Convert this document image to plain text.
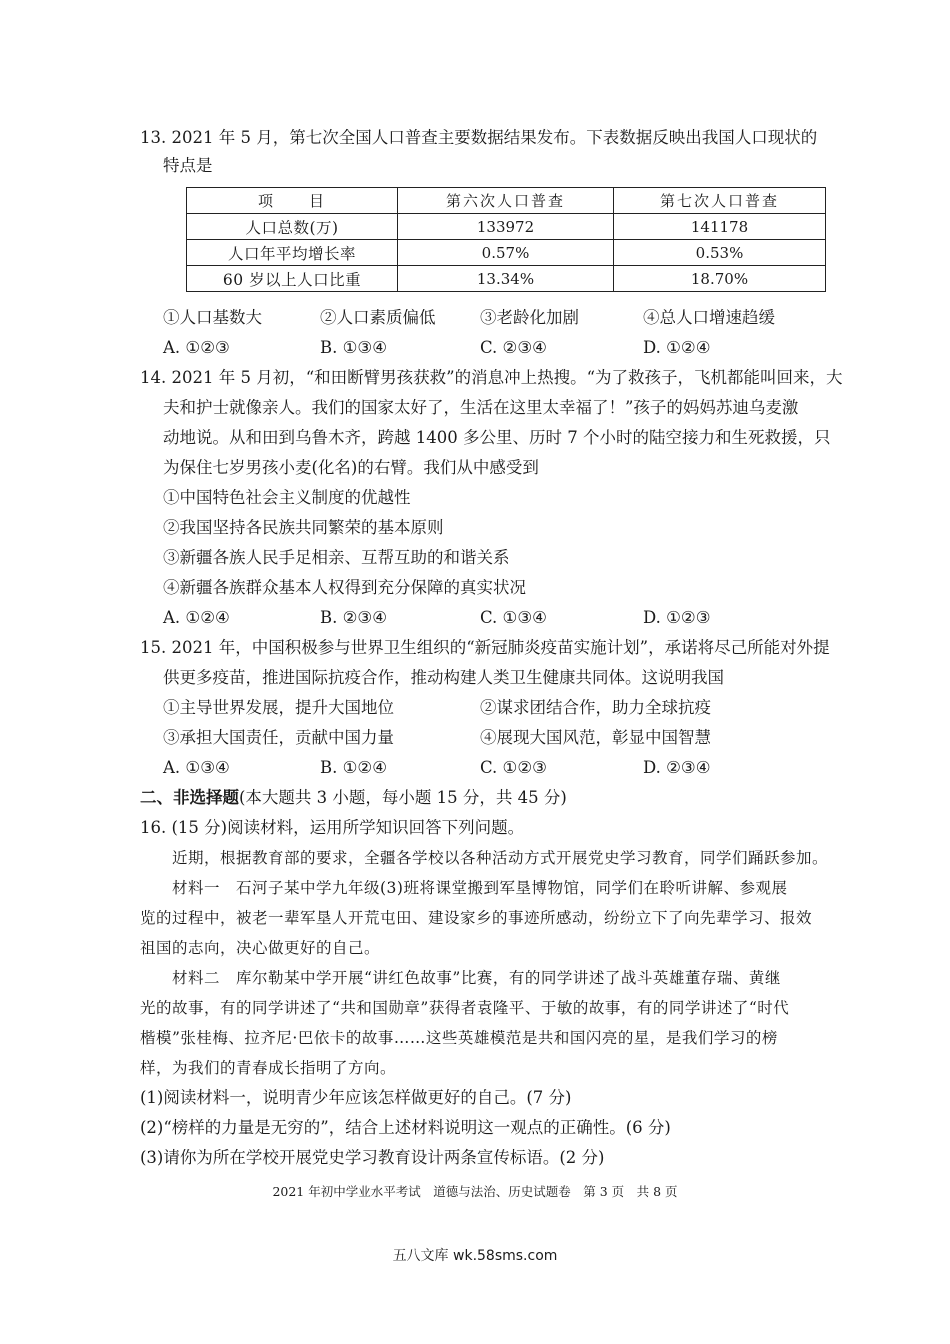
13. 2021 年 5 月，第七次全国人口普查主要数据结果发布。下表数据反映出我国人口现状的
特点是
项　　目	第六次人口普查	第七次人口普查
人口总数(万)	133972	141178
人口年平均增长率	0.57%	0.53%
60 岁以上人口比重	13.34%	18.70%
①人口基数大	②人口素质偏低	③老龄化加剧	④总人口增速趋缓
A. ①②③	B. ①③④	C. ②③④	D. ①②④
14. 2021 年 5 月初，“和田断臂男孩获救”的消息冲上热搜。“为了救孩子，飞机都能叫回来，大
夫和护士就像亲人。我们的国家太好了，生活在这里太幸福了！”孩子的妈妈苏迪乌麦激
动地说。从和田到乌鲁木齐，跨越 1400 多公里、历时 7 个小时的陆空接力和生死救援，只
为保住七岁男孩小麦(化名)的右臂。我们从中感受到
①中国特色社会主义制度的优越性
②我国坚持各民族共同繁荣的基本原则
③新疆各族人民手足相亲、互帮互助的和谐关系
④新疆各族群众基本人权得到充分保障的真实状况
A. ①②④	B. ②③④	C. ①③④	D. ①②③
15. 2021 年，中国积极参与世界卫生组织的“新冠肺炎疫苗实施计划”，承诺将尽己所能对外提
供更多疫苗，推进国际抗疫合作，推动构建人类卫生健康共同体。这说明我国
①主导世界发展，提升大国地位	②谋求团结合作，助力全球抗疫
③承担大国责任，贡献中国力量	④展现大国风范，彰显中国智慧
A. ①③④	B. ①②④	C. ①②③	D. ②③④
二、非选择题(本大题共 3 小题，每小题 15 分，共 45 分)
16. (15 分)阅读材料，运用所学知识回答下列问题。
近期，根据教育部的要求，全疆各学校以各种活动方式开展党史学习教育，同学们踊跃参加。
材料一　石河子某中学九年级(3)班将课堂搬到军垦博物馆，同学们在聆听讲解、参观展
览的过程中，被老一辈军垦人开荒屯田、建设家乡的事迹所感动，纷纷立下了向先辈学习、报效
祖国的志向，决心做更好的自己。
材料二　库尔勒某中学开展“讲红色故事”比赛，有的同学讲述了战斗英雄董存瑞、黄继
光的故事，有的同学讲述了“共和国勋章”获得者袁隆平、于敏的故事，有的同学讲述了“时代
楷模”张桂梅、拉齐尼·巴依卡的故事……这些英雄模范是共和国闪亮的星，是我们学习的榜
样，为我们的青春成长指明了方向。
(1)阅读材料一，说明青少年应该怎样做更好的自己。(7 分)
(2)“榜样的力量是无穷的”，结合上述材料说明这一观点的正确性。(6 分)
(3)请你为所在学校开展党史学习教育设计两条宣传标语。(2 分)
2021 年初中学业水平考试　道德与法治、历史试题卷　第 3 页　共 8 页
五八文库 wk.58sms.com
